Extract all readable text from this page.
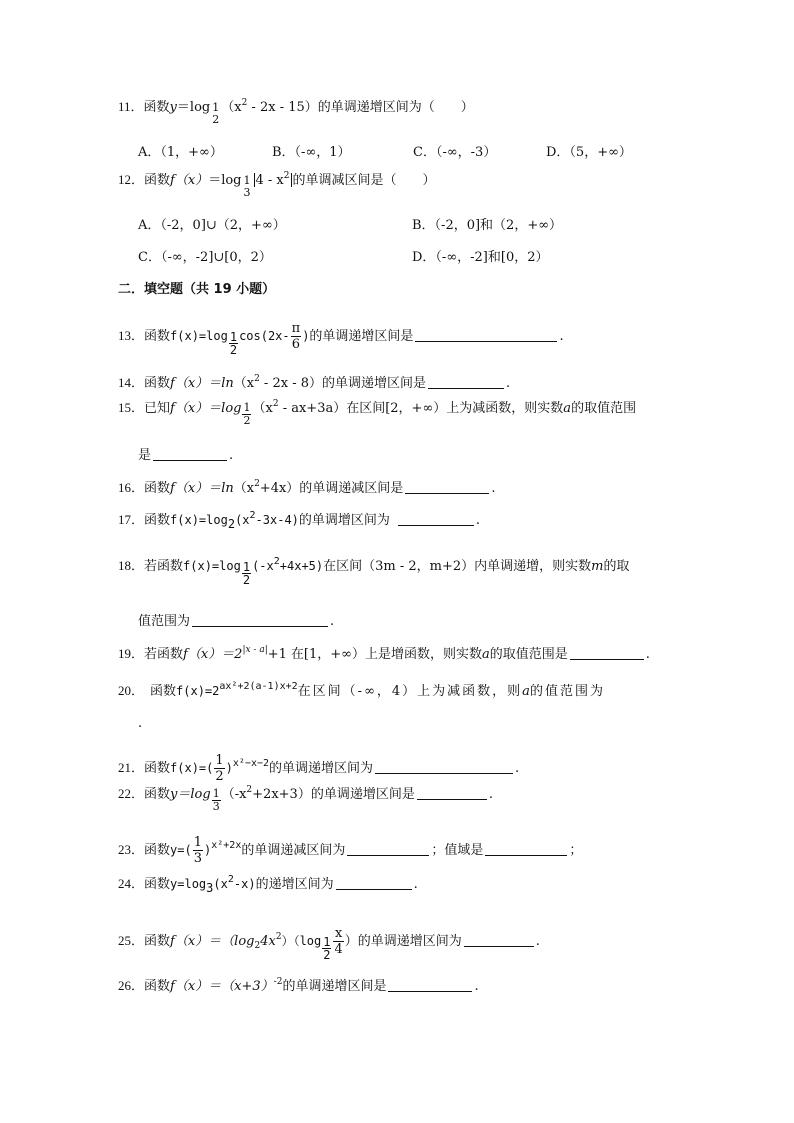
11．函数y＝log 1
2
$(x^2 - 2x - 15)$的单调递增区间为（　　）
A．（1，+∞）	B．（-∞，1）	C．（-∞，-3）	D．（5，+∞）
12．函数f（x）＝log 1
3
$4 - x^2$ 的单调减区间是（　　）
A．（-2，0]∪（2，+∞）	B．（-2，0]和（2，+∞）
C．（-∞，-2]∪[0，2）	D．（-∞，-2]和[0，2）
二．填空题（共 19 小题）
13．函数$f(x)=\log \frac{1}{2} \cos(2x- \frac{\pi}{6}$ )的单调递增区间是	.
14．函数$f(x)=\ln(x^2 - 2x - 8)$的单调递增区间是	.
15．已知$f(x)=\log \frac{1}{2} (x^2 - ax+3a)$在区间[2，+∞）上为减函数，则实数a的取值范围
是	.
16．函数$f(x)=\ln(x^2+4x)$的单调递减区间是	.
17．函数$f(x)=\log 2(x^2-3x-4)$的单调增区间为	.
18．若函数$f(x)=\log \frac{1}{2} (-x^2+4x+5)$在区间（3m - 2，m+2）内单调递增，则实数m的取
值范围为	.
19．若函数$f(x)=2^{|x - a|}+1$ 在[1，+∞）上是增函数，则实数a的取值范围是	.
20． 函数$f(x)=2^{ax^2+2(a-1)x+2}$在区间（-∞，4）上为减函数，则a的值范围为
.
21．函数$f(x)=( \frac{1}{2} )^{x^2-x-2}$的单调递增区间为	.
22．函数$y=\log \frac{1}{3} (-x^2+2x+3)$的单调递增区间是	.
23．函数$y=( \frac{1}{3} )^{x^2+2x}$的单调递减区间为	；值域是	；
24．函数$y=\log 3(x^2-x)$的递增区间为	.
25．函数$f(x)=(\log_24x^2)(\log \frac{1}{2} \frac{x}{4}$ ）的单调递增区间为	.
26．函数$f(x)=(x+3)^{-2}$的单调递增区间是	.
